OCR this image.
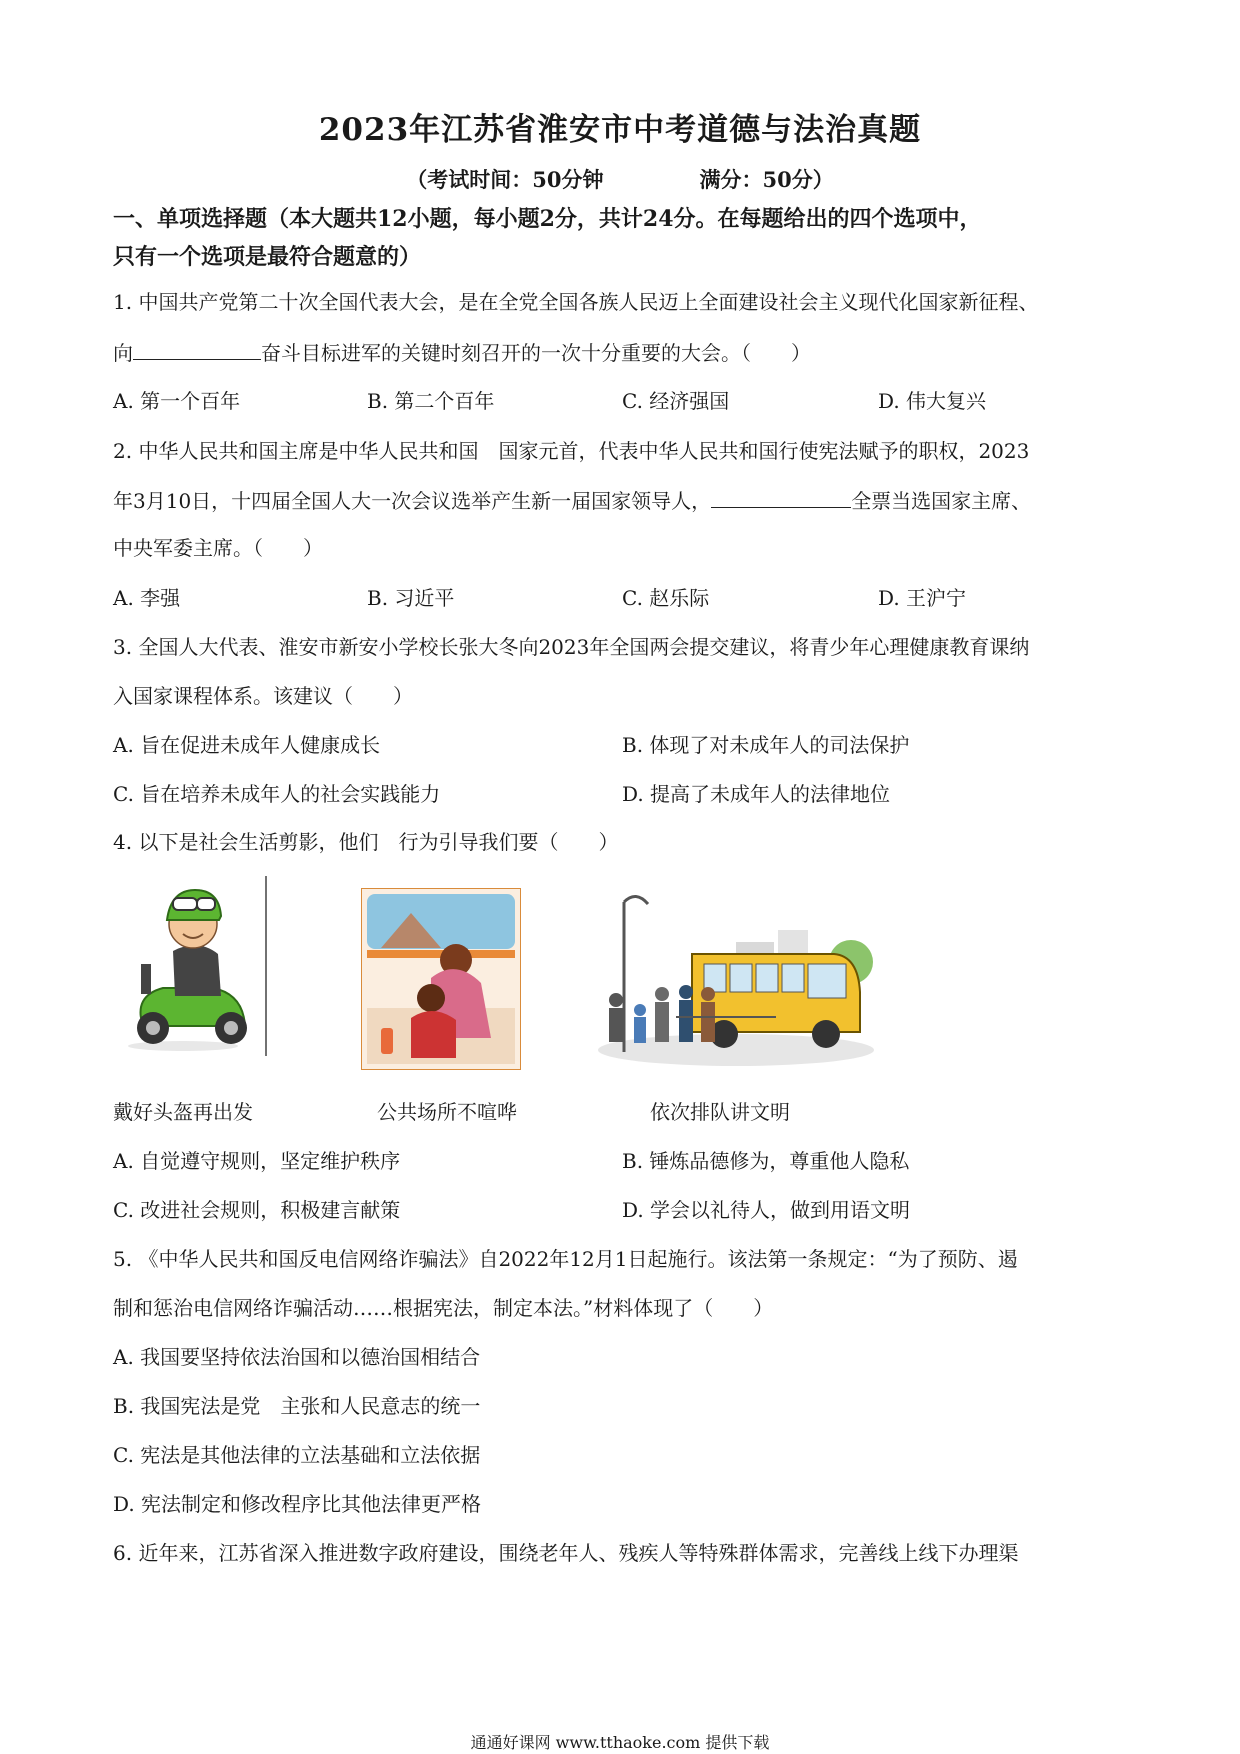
2023年江苏省淮安市中考道德与法治真题
（考试时间：50分钟	满分：50分）
一、单项选择题（本大题共12小题，每小题2分，共计24分。在每题给出的四个选项中，
只有一个选项是最符合题意的）
1. 中国共产党第二十次全国代表大会，是在全党全国各族人民迈上全面建设社会主义现代化国家新征程、
向	奋斗目标进军的关键时刻召开的一次十分重要的大会。（　　）
A. 第一个百年	B. 第二个百年	C. 经济强国	D. 伟大复兴
2. 中华人民共和国主席是中华人民共和国　国家元首，代表中华人民共和国行使宪法赋予的职权，2023
年3月10日，十四届全国人大一次会议选举产生新一届国家领导人，	全票当选国家主席、
中央军委主席。（　　）
A. 李强	B. 习近平	C. 赵乐际	D. 王沪宁
3. 全国人大代表、淮安市新安小学校长张大冬向2023年全国两会提交建议，将青少年心理健康教育课纳
入国家课程体系。该建议（　　）
A. 旨在促进未成年人健康成长	B. 体现了对未成年人的司法保护
C. 旨在培养未成年人的社会实践能力	D. 提高了未成年人的法律地位
4. 以下是社会生活剪影，他们　行为引导我们要（　　）
戴好头盔再出发	公共场所不喧哗	依次排队讲文明
A. 自觉遵守规则，坚定维护秩序	B. 锤炼品德修为，尊重他人隐私
C. 改进社会规则，积极建言献策	D. 学会以礼待人，做到用语文明
5. 《中华人民共和国反电信网络诈骗法》自2022年12月1日起施行。该法第一条规定：“为了预防、遏
制和惩治电信网络诈骗活动……根据宪法，制定本法。”材料体现了（　　）
A. 我国要坚持依法治国和以德治国相结合
B. 我国宪法是党　主张和人民意志的统一
C. 宪法是其他法律的立法基础和立法依据
D. 宪法制定和修改程序比其他法律更严格
6. 近年来，江苏省深入推进数字政府建设，围绕老年人、残疾人等特殊群体需求，完善线上线下办理渠
通通好课网 www.tthaoke.com 提供下载
